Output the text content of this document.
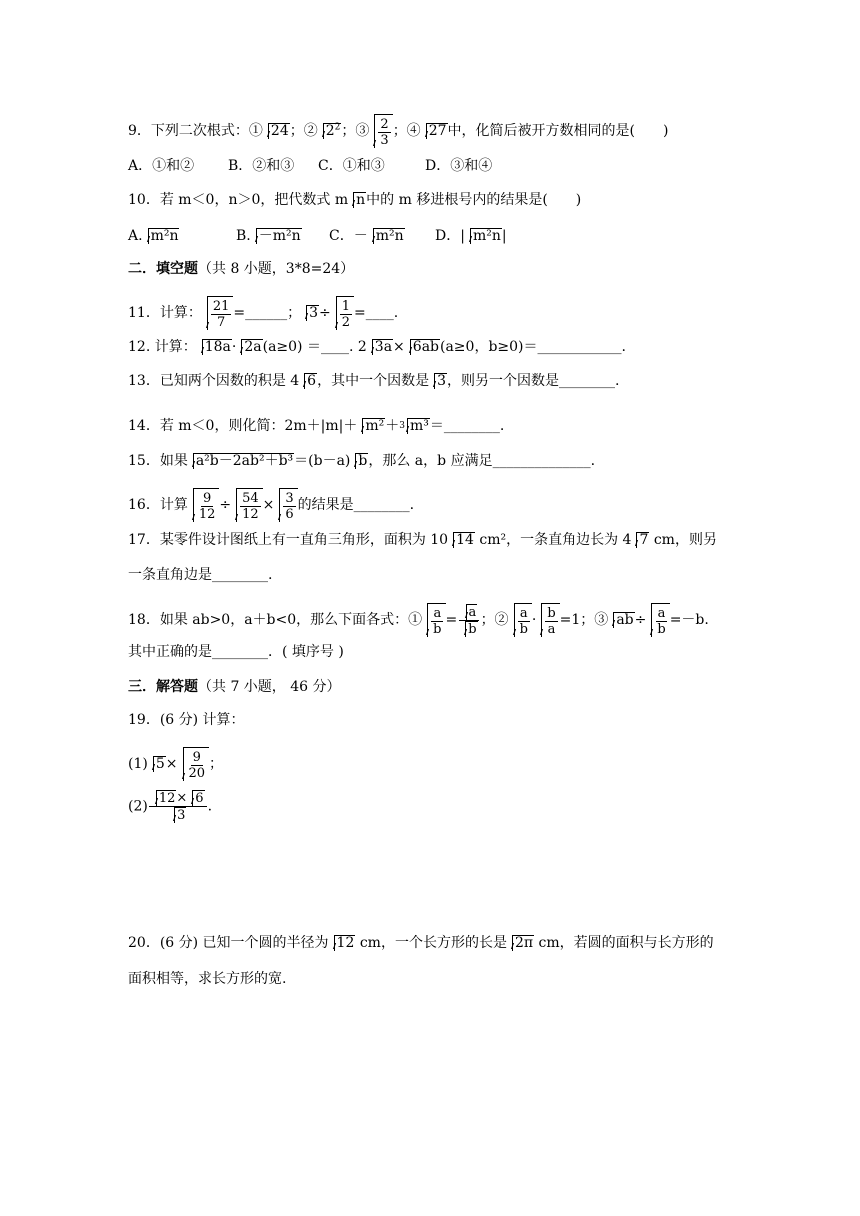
9．下列二次根式：① 24；② $2^2$；③ $\frac{2}{3}$ ；④ 27中，化简后被开方数相同的是(　　)
A．①和② B．②和③ C．①和③	D．③和④
10．若 m＜0，n＞0，把代数式 m n中的 m 移进根号内的结果是(　　)
A. m²n	B. －m²n C．－ m²n D．| m²n|
二．填空题（共 8 小题，3*8=24）
11．计算： $\frac{21}{7}$ =______； $3\div \frac{1}{2}$ =____.
12. 计算： 18a· 2a(a≥0) ＝____. 2 3a× 6ab(a≥0，b≥0)＝____________.
13．已知两个因数的积是 4 6，其中一个因数是 3，则另一个因数是________.
14．若 m＜0，则化简：2m＋|m|＋ m²＋$^3$ m³＝________.
15．如果 a²b－2ab²＋b³＝(b－a) b，那么 a，b 应满足______________.
16．计算 $\frac{9}{12} \div \frac{54}{12} \times \frac{3}{6}$ 的结果是________.
17．某零件设计图纸上有一直角三角形，面积为 10 14 cm²，一条直角边长为 4 7 cm，则另
一条直角边是________.
18．如果 ab>0，a＋b<0，那么下面各式：① $\frac{a}{b} = \frac{a}{b}$ ；② $\frac{a}{b} \cdot \frac{b}{a} =1$；③ $ab\div \frac{a}{b} =-b$.
其中正确的是________．( 填序号 )
三．解答题（共 7 小题， 46 分）
19．(6 分) 计算：
(1) $5\times \frac{9}{20}$ ；
$(2) \frac{12\times 6}{3}$ .
20．(6 分) 已知一个圆的半径为 12 cm，一个长方形的长是 2π cm，若圆的面积与长方形的
面积相等，求长方形的宽.
